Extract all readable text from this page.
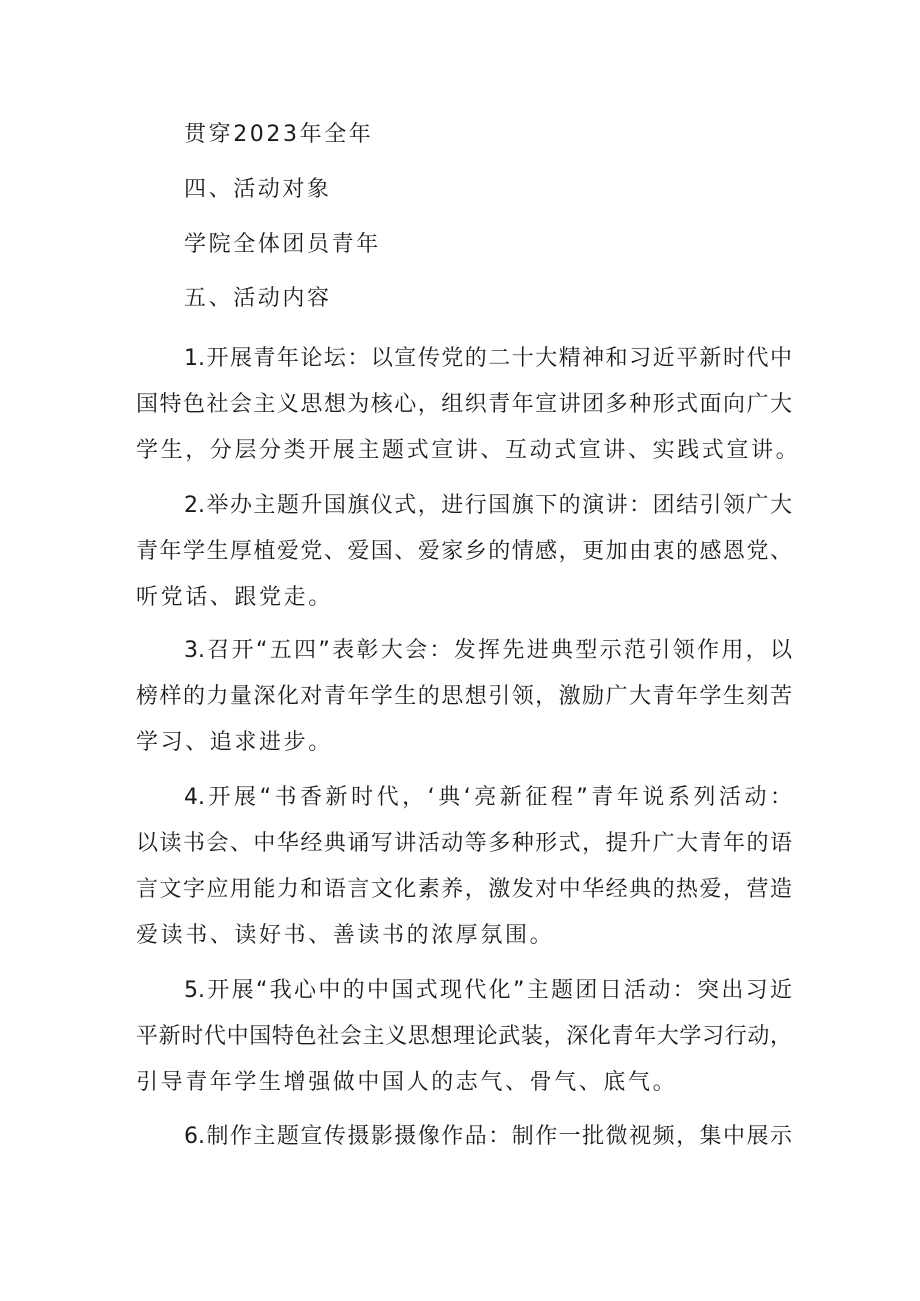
贯穿2023年全年
四、活动对象
学院全体团员青年
五、活动内容
1.开展青年论坛：以宣传党的二十大精神和习近平新时代中
国特色社会主义思想为核心，组织青年宣讲团多种形式面向广大
学生，分层分类开展主题式宣讲、互动式宣讲、实践式宣讲。
2.举办主题升国旗仪式，进行国旗下的演讲：团结引领广大
青年学生厚植爱党、爱国、爱家乡的情感，更加由衷的感恩党、
听党话、跟党走。
3.召开“五四”表彰大会：发挥先进典型示范引领作用，以
榜样的力量深化对青年学生的思想引领，激励广大青年学生刻苦
学习、追求进步。
4.开展“书香新时代，‘典‘亮新征程”青年说系列活动：
以读书会、中华经典诵写讲活动等多种形式，提升广大青年的语
言文字应用能力和语言文化素养，激发对中华经典的热爱，营造
爱读书、读好书、善读书的浓厚氛围。
5.开展“我心中的中国式现代化”主题团日活动：突出习近
平新时代中国特色社会主义思想理论武装，深化青年大学习行动，
引导青年学生增强做中国人的志气、骨气、底气。
6.制作主题宣传摄影摄像作品：制作一批微视频，集中展示
